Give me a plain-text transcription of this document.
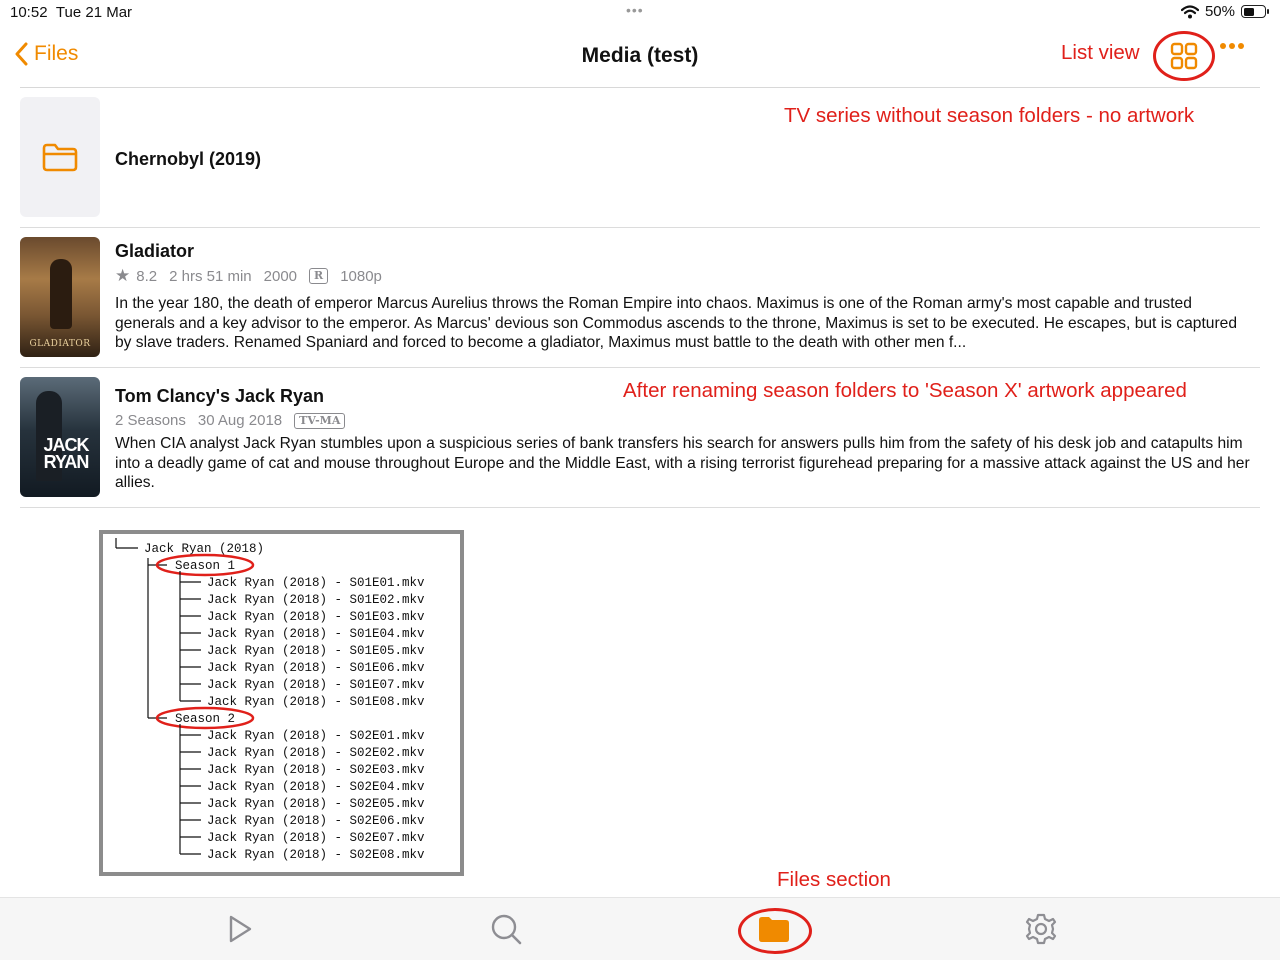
10:52 Tue 21 Mar	•••	50%
Files	Media (test)
Chernobyl (2019)
GLADIATOR
Gladiator
★ 8.2 2 hrs 51 min 2000	R	1080p
In the year 180, the death of emperor Marcus Aurelius throws the Roman Empire into chaos. Maximus is one of the Roman army's most capable and trusted generals and a key advisor to the emperor. As Marcus' devious son Commodus ascends to the throne, Maximus is set to be executed. He escapes, but is captured by slave traders. Renamed Spaniard and forced to become a gladiator, Maximus must battle to the death with other men f...
JACK RYAN
Tom Clancy's Jack Ryan
2 Seasons 30 Aug 2018	TV-MA
When CIA analyst Jack Ryan stumbles upon a suspicious series of bank transfers his search for answers pulls him from the safety of his desk job and catapults him into a deadly game of cat and mouse throughout Europe and the Middle East, with a rising terrorist figurehead preparing for a massive attack against the US and her allies.
List view
TV series without season folders - no artwork
After renaming season folders to 'Season X' artwork appeared
Files section
Jack Ryan (2018)
Season 1
Jack Ryan (2018) - S01E01.mkv
Jack Ryan (2018) - S01E02.mkv
Jack Ryan (2018) - S01E03.mkv
Jack Ryan (2018) - S01E04.mkv
Jack Ryan (2018) - S01E05.mkv
Jack Ryan (2018) - S01E06.mkv
Jack Ryan (2018) - S01E07.mkv
Jack Ryan (2018) - S01E08.mkv
Season 2
Jack Ryan (2018) - S02E01.mkv
Jack Ryan (2018) - S02E02.mkv
Jack Ryan (2018) - S02E03.mkv
Jack Ryan (2018) - S02E04.mkv
Jack Ryan (2018) - S02E05.mkv
Jack Ryan (2018) - S02E06.mkv
Jack Ryan (2018) - S02E07.mkv
Jack Ryan (2018) - S02E08.mkv
